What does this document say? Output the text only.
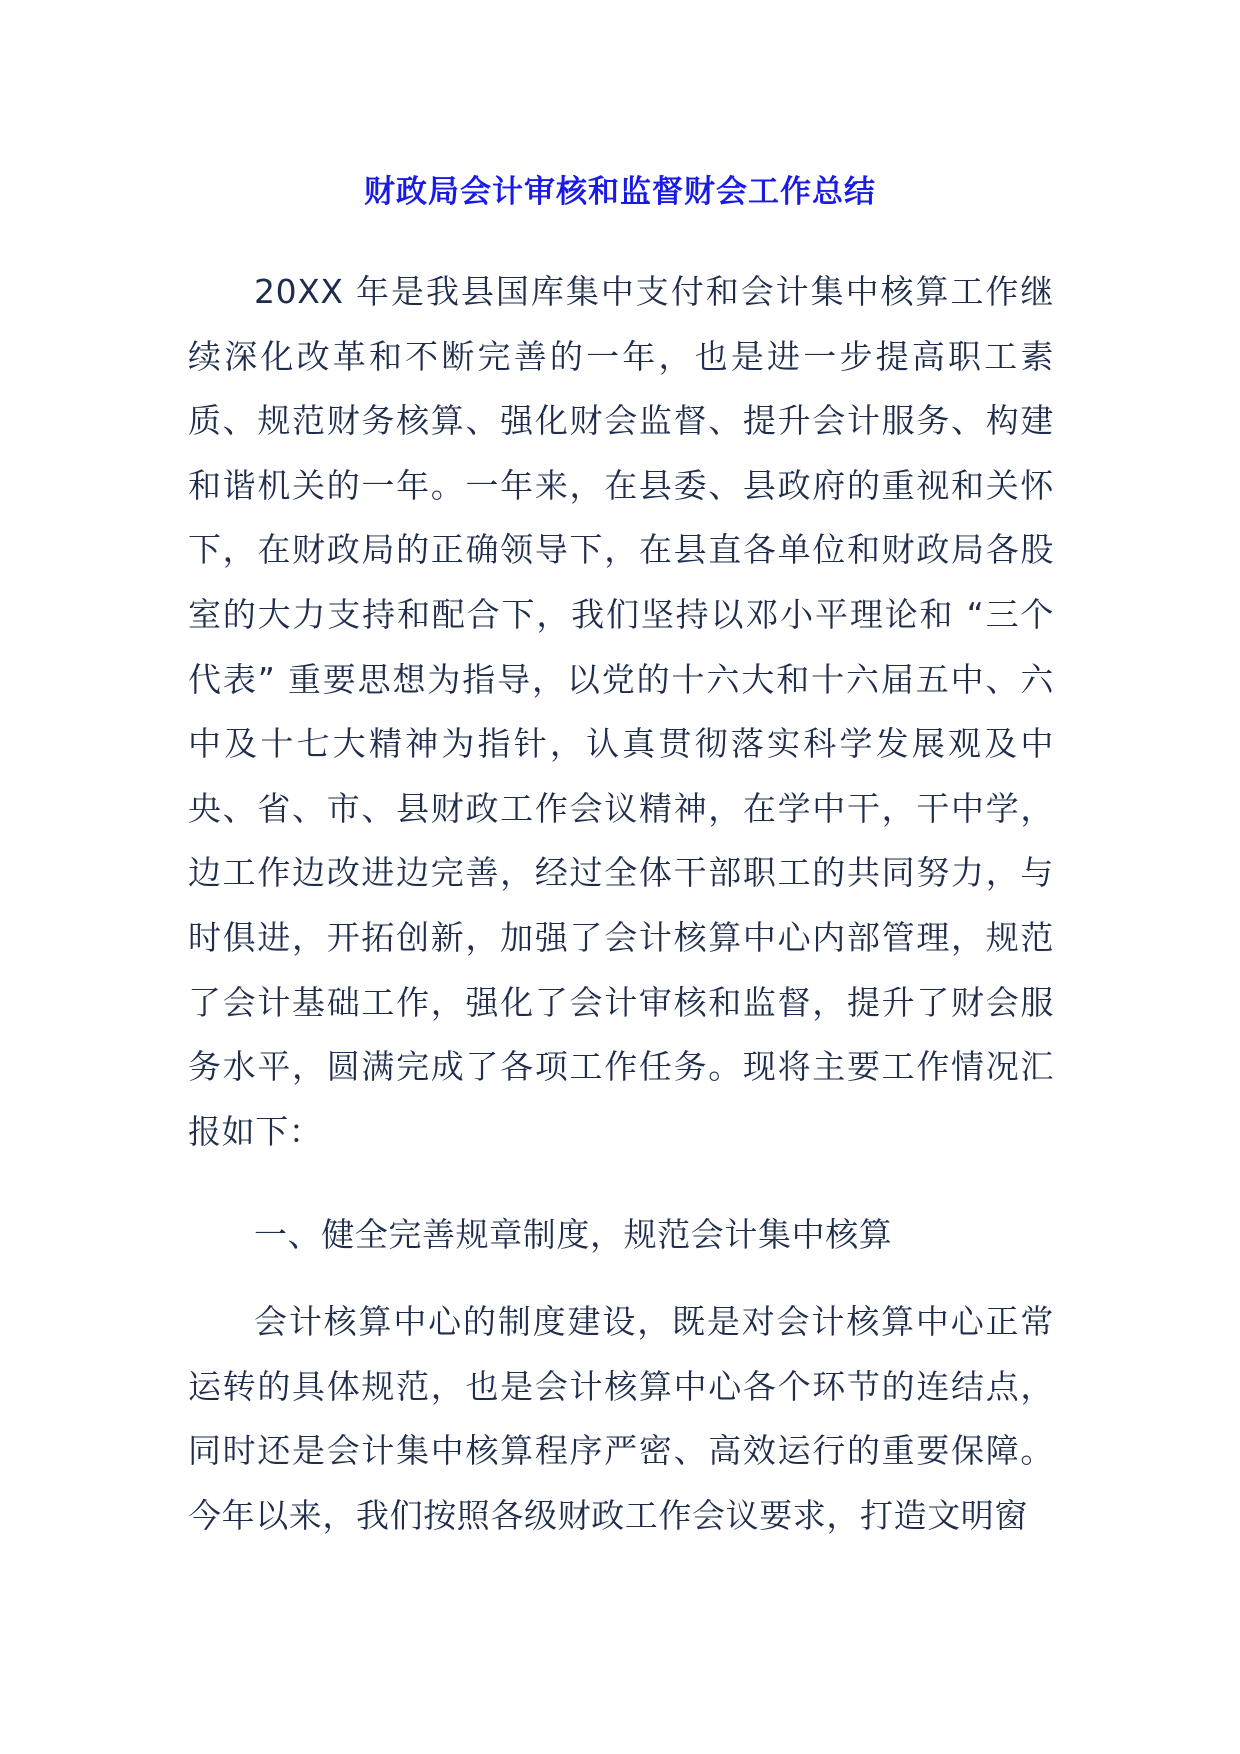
财政局会计审核和监督财会工作总结

20XX 年是我县国库集中支付和会计集中核算工作继续深化改革和不断完善的一年，也是进一步提高职工素质、规范财务核算、强化财会监督、提升会计服务、构建和谐机关的一年。一年来，在县委、县政府的重视和关怀下，在财政局的正确领导下，在县直各单位和财政局各股室的大力支持和配合下，我们坚持以邓小平理论和 “三个代表” 重要思想为指导，以党的十六大和十六届五中、六中及十七大精神为指针，认真贯彻落实科学发展观及中央、省、市、县财政工作会议精神，在学中干，干中学，边工作边改进边完善，经过全体干部职工的共同努力，与时俱进，开拓创新，加强了会计核算中心内部管理，规范了会计基础工作，强化了会计审核和监督，提升了财会服务水平，圆满完成了各项工作任务。现将主要工作情况汇报如下：

一、健全完善规章制度，规范会计集中核算

会计核算中心的制度建设，既是对会计核算中心正常运转的具体规范，也是会计核算中心各个环节的连结点，同时还是会计集中核算程序严密、高效运行的重要保障。今年以来，我们按照各级财政工作会议要求，打造文明窗
